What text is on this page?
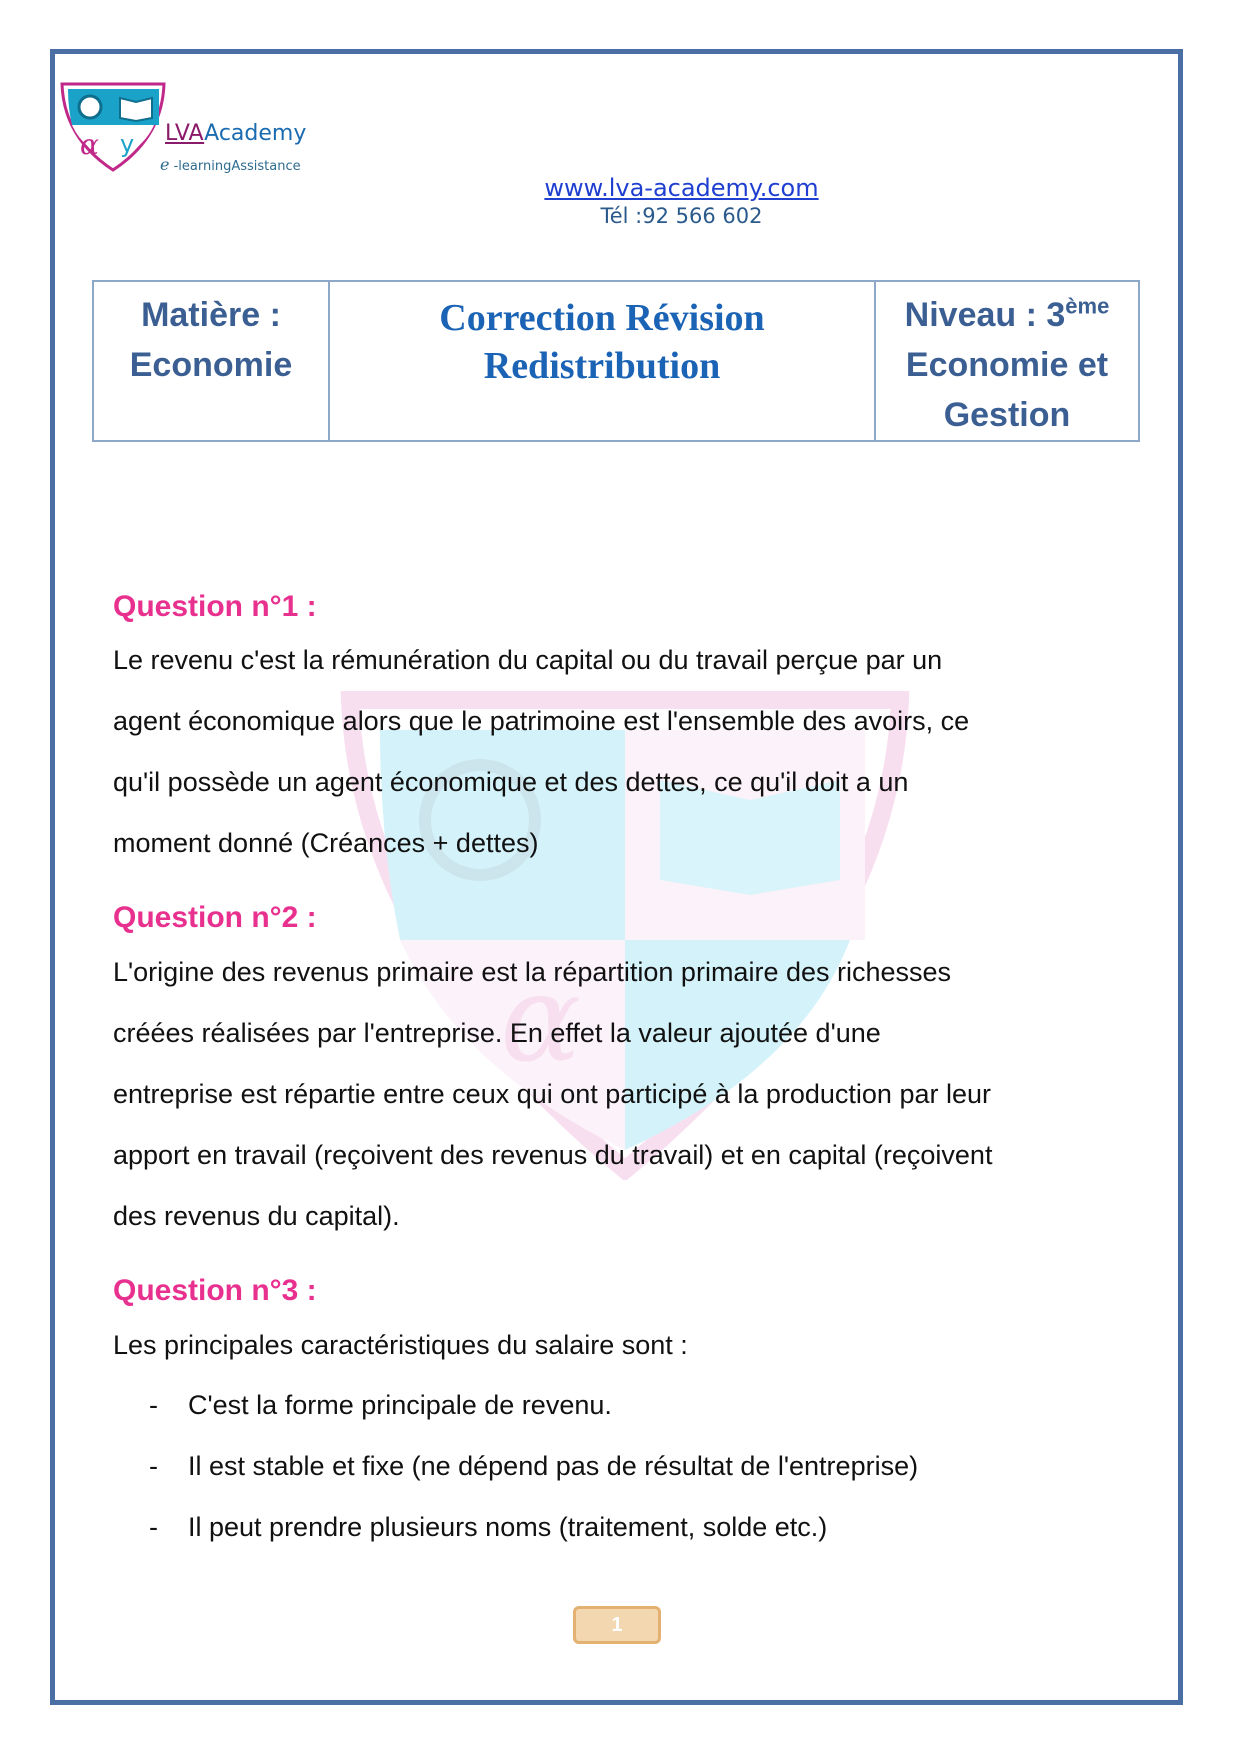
α y
α y LVAAcademy
e -learningAssistance
www.lva-academy.com
Tél :92 566 602
Matière :
Economie

Correction Révision
Redistribution

Niveau : 3ème
Economie et
Gestion
Question n°1 :

Le revenu c'est la rémunération du capital ou du travail perçue par un

agent économique alors que le patrimoine est l'ensemble des avoirs, ce

qu'il possède un agent économique et des dettes, ce qu'il doit a un

moment donné (Créances + dettes)

Question n°2 :

L'origine des revenus primaire est la répartition primaire des richesses

créées réalisées par l'entreprise. En effet la valeur ajoutée d'une

entreprise est répartie entre ceux qui ont participé à la production par leur

apport en travail (reçoivent des revenus du travail) et en capital (reçoivent

des revenus du capital).

Question n°3 :

Les principales caractéristiques du salaire sont :

- C'est la forme principale de revenu.
- Il est stable et fixe (ne dépend pas de résultat de l'entreprise)
- Il peut prendre plusieurs noms (traitement, solde etc.)
1
